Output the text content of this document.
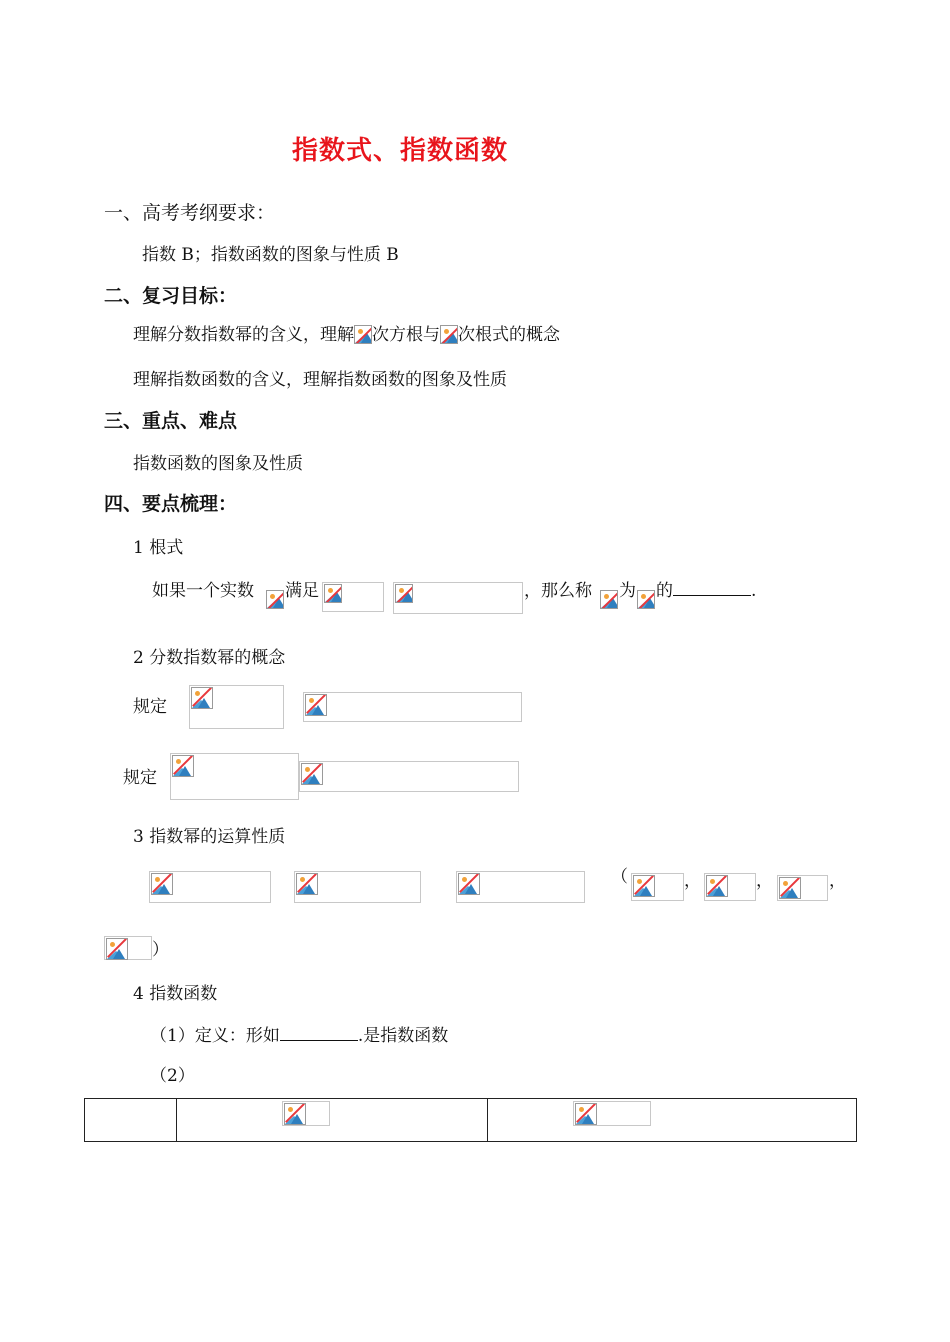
指数式、指数函数
一、高考考纲要求：
指数 B；指数函数的图象与性质 B
二、复习目标：
理解分数指数幂的含义，理解 次方根与 次根式的概念
理解指数函数的含义，理解指数函数的图象及性质
三、重点、难点
指数函数的图象及性质
四、要点梳理：
1 根式
如果一个实数 满足	，那么称 为 的	.
2 分数指数幂的概念
规定
规定
3 指数幂的运算性质
（	，	，	，
）
4 指数函数
（1）定义：形如	.是指数函数
（2）
